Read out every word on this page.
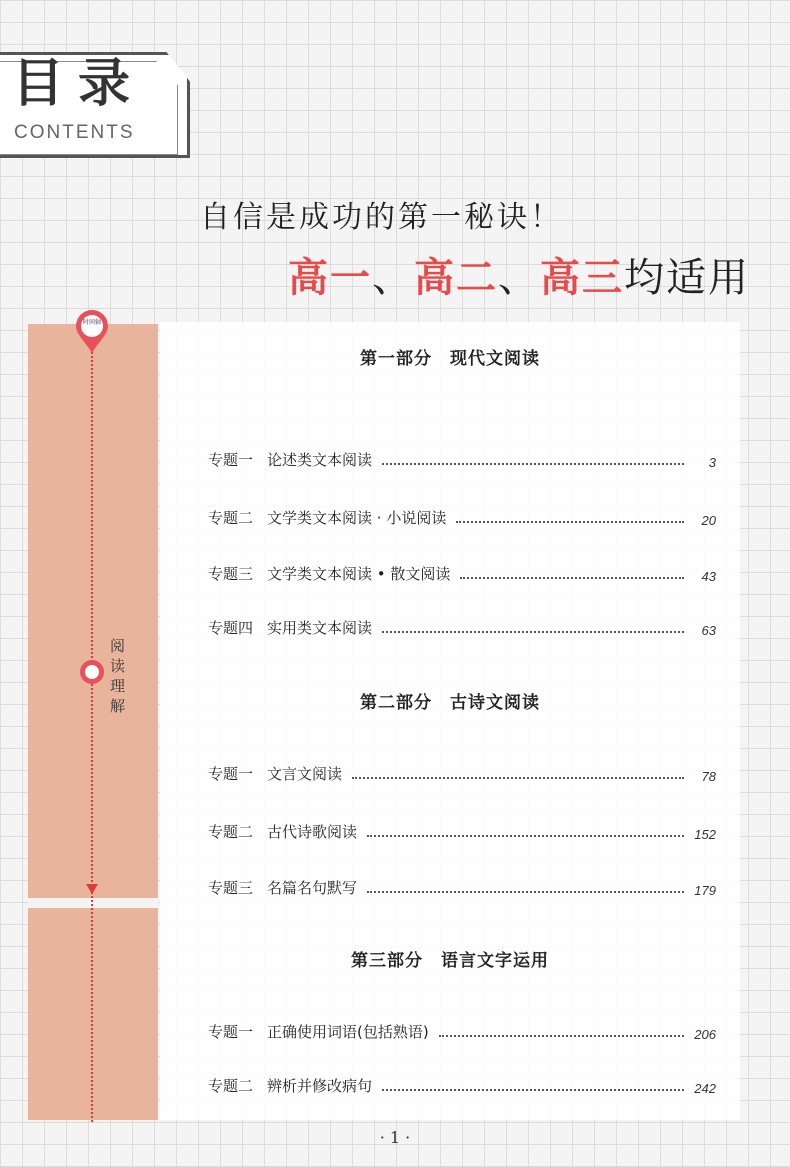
目录
CONTENTS
自信是成功的第一秘诀！
高一、高二、高三均适用
时间轴
阅读理解
第一部分　现代文阅读
专题一 论述类文本阅读	3
专题二 文学类文本阅读 · 小说阅读	20
专题三 文学类文本阅读 • 散文阅读	43
专题四 实用类文本阅读	63
第二部分　古诗文阅读
专题一 文言文阅读	78
专题二 古代诗歌阅读	152
专题三 名篇名句默写	179
第三部分　语言文字运用
专题一 正确使用词语(包括熟语)	206
专题二 辨析并修改病句	242
· 1 ·
